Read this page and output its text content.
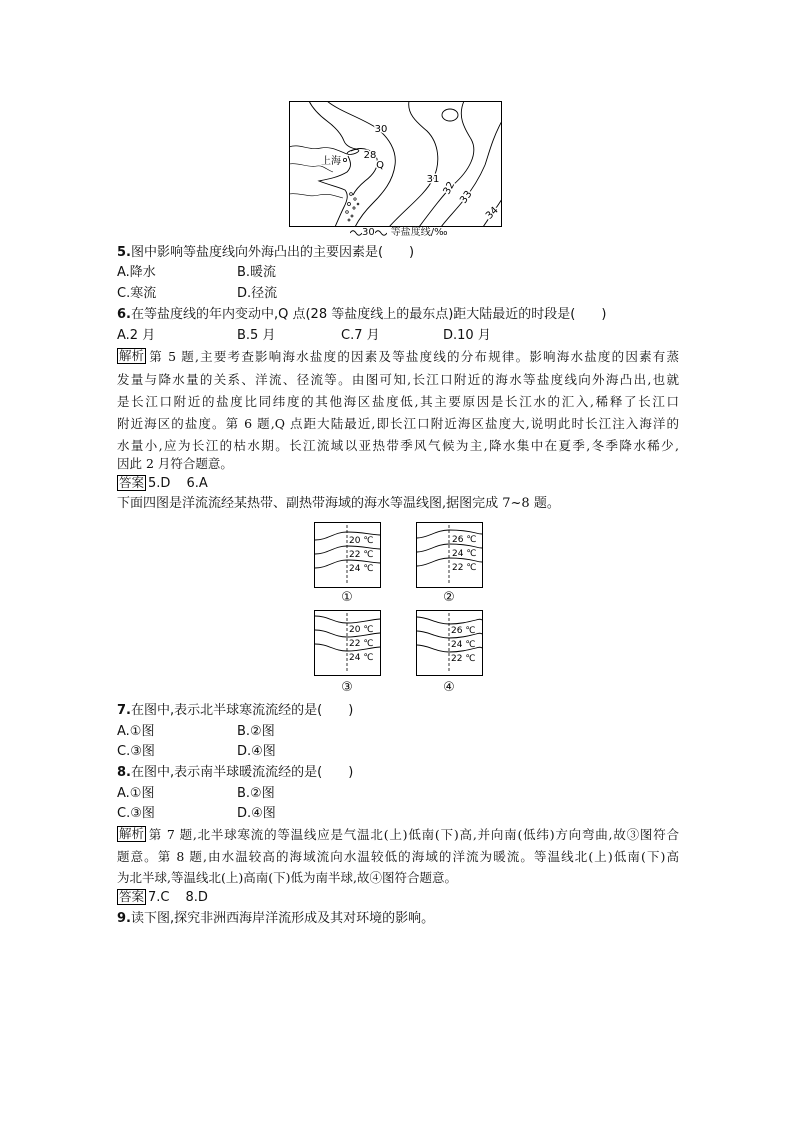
上海
30
28
Q
31
32
33
34
30 等盐度线/‰
5.图中影响等盐度线向外海凸出的主要因素是(　　)
A.降水	B.暖流
C.寒流	D.径流
6.在等盐度线的年内变动中,Q 点(28 等盐度线上的最东点)距大陆最近的时段是(　　)
A.2 月	B.5 月	C.7 月	D.10 月
解析 第 5 题,主要考查影响海水盐度的因素及等盐度线的分布规律。影响海水盐度的因素有蒸
发量与降水量的关系、洋流、径流等。由图可知,长江口附近的海水等盐度线向外海凸出,也就
是长江口附近的盐度比同纬度的其他海区盐度低,其主要原因是长江水的汇入,稀释了长江口
附近海区的盐度。第 6 题,Q 点距大陆最近,即长江口附近海区盐度大,说明此时长江注入海洋的
水量小,应为长江的枯水期。长江流域以亚热带季风气候为主,降水集中在夏季,冬季降水稀少,
因此 2 月符合题意。
答案 5.D 6.A
下面四图是洋流流经某热带、副热带海域的海水等温线图,据图完成 7~8 题。
20 ℃
22 ℃
24 ℃
①
26 ℃
24 ℃
22 ℃
②
20 ℃
22 ℃
24 ℃
③
26 ℃
24 ℃
22 ℃
④
7.在图中,表示北半球寒流流经的是(　　)
A.①图	B.②图
C.③图	D.④图
8.在图中,表示南半球暖流流经的是(　　)
A.①图	B.②图
C.③图	D.④图
解析 第 7 题,北半球寒流的等温线应是气温北(上)低南(下)高,并向南(低纬)方向弯曲,故③图符合
题意。第 8 题,由水温较高的海域流向水温较低的海域的洋流为暖流。等温线北(上)低南(下)高
为北半球,等温线北(上)高南(下)低为南半球,故④图符合题意。
答案 7.C 8.D
9.读下图,探究非洲西海岸洋流形成及其对环境的影响。
